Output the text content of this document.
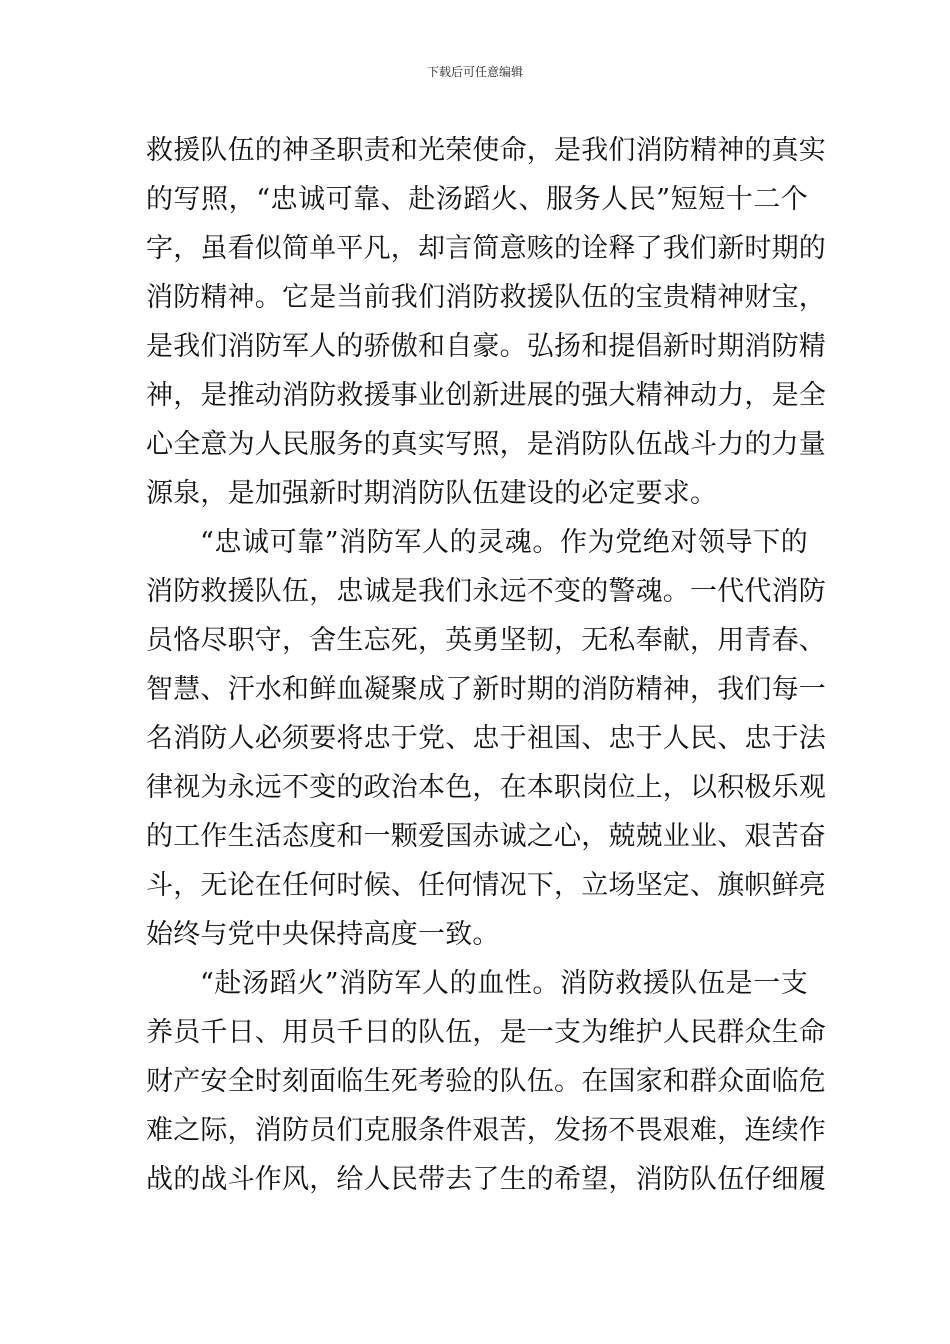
下载后可任意编辑
救援队伍的神圣职责和光荣使命，是我们消防精神的真实
的写照，“忠诚可靠、赴汤蹈火、服务人民”短短十二个
字，虽看似简单平凡，却言简意赅的诠释了我们新时期的
消防精神。它是当前我们消防救援队伍的宝贵精神财宝，
是我们消防军人的骄傲和自豪。弘扬和提倡新时期消防精
神，是推动消防救援事业创新进展的强大精神动力，是全
心全意为人民服务的真实写照，是消防队伍战斗力的力量
源泉，是加强新时期消防队伍建设的必定要求。
“忠诚可靠”消防军人的灵魂。作为党绝对领导下的
消防救援队伍，忠诚是我们永远不变的警魂。一代代消防
员恪尽职守，舍生忘死，英勇坚韧，无私奉献，用青春、
智慧、汗水和鲜血凝聚成了新时期的消防精神，我们每一
名消防人必须要将忠于党、忠于祖国、忠于人民、忠于法
律视为永远不变的政治本色，在本职岗位上，以积极乐观
的工作生活态度和一颗爱国赤诚之心，兢兢业业、艰苦奋
斗，无论在任何时候、任何情况下，立场坚定、旗帜鲜亮
始终与党中央保持高度一致。
“赴汤蹈火”消防军人的血性。消防救援队伍是一支
养员千日、用员千日的队伍，是一支为维护人民群众生命
财产安全时刻面临生死考验的队伍。在国家和群众面临危
难之际，消防员们克服条件艰苦，发扬不畏艰难，连续作
战的战斗作风，给人民带去了生的希望，消防队伍仔细履
